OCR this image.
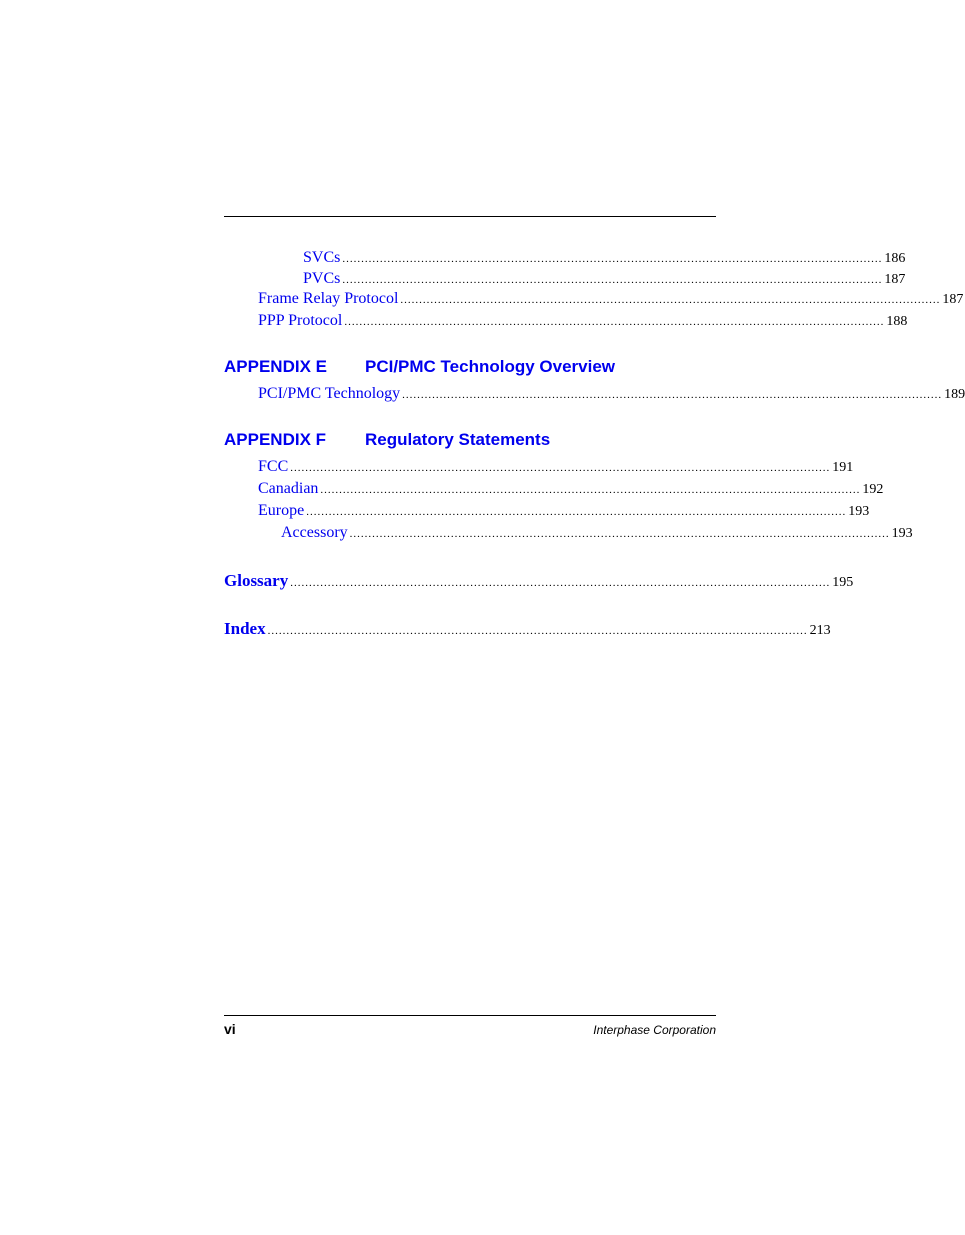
SVCs ................................................................................................................................................ 186
PVCs ................................................................................................................................................ 187
Frame Relay Protocol ................................................................................................................................................ 187
PPP Protocol ................................................................................................................................................ 188
APPENDIX E PCI/PMC Technology Overview
PCI/PMC Technology ................................................................................................................................................ 189
APPENDIX F Regulatory Statements
FCC ................................................................................................................................................ 191
Canadian ................................................................................................................................................ 192
Europe ................................................................................................................................................ 193
Accessory ................................................................................................................................................ 193
Glossary ................................................................................................................................................ 195
Index ................................................................................................................................................ 213
vi	Interphase Corporation
